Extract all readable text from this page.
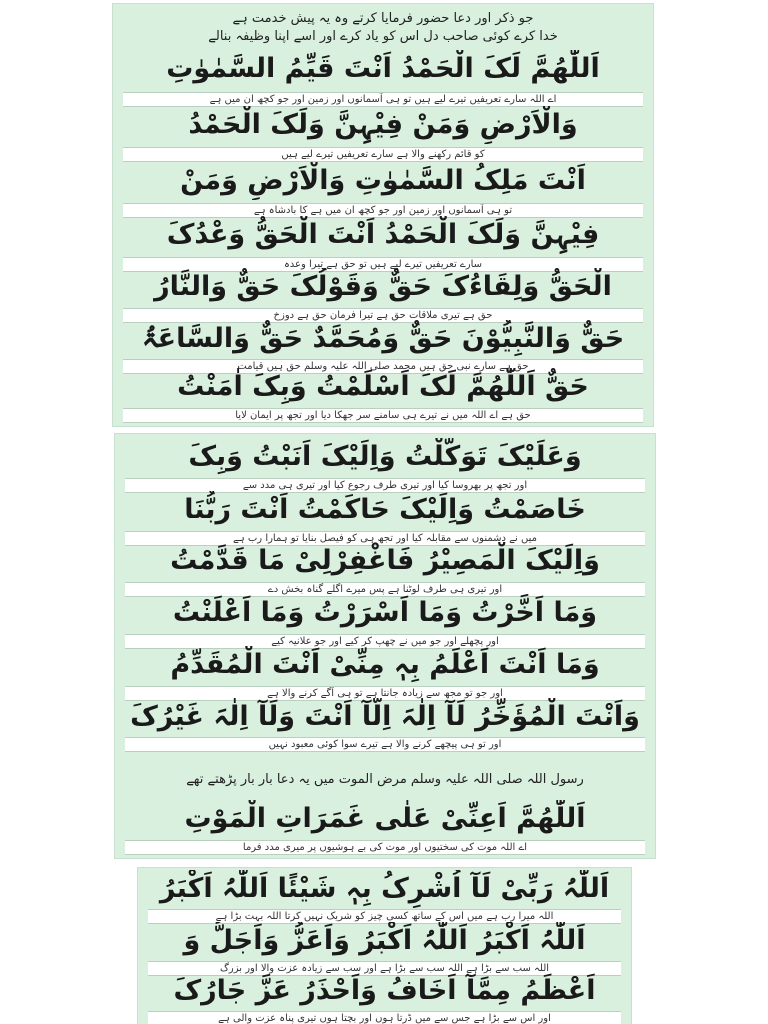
جو ذکر اور دعا حضور فرمایا کرتے وہ یہ پیش خدمت ہے
خدا کرے کوئی صاحب دل اس کو یاد کرے اور اسے اپنا وظیفہ بنالے
اَللّٰھُمَّ لَکَ الْحَمْدُ اَنْتَ قَیِّمُ السَّمٰوٰتِ
اے اللہ سارے تعریفیں تیرے لیے ہیں تو ہی آسمانوں اور زمین اور جو کچھ ان میں ہے
وَالْاَرْضِ وَمَنْ فِیْہِنَّ وَلَکَ الْحَمْدُ
کو قائم رکھنے والا ہے سارے تعریفیں تیرے لیے ہیں
اَنْتَ مَلِکُ السَّمٰوٰتِ وَالْاَرْضِ وَمَنْ
تو ہی آسمانوں اور زمین اور جو کچھ ان میں ہے کا بادشاہ ہے
فِیْہِنَّ وَلَکَ الْحَمْدُ اَنْتَ الْحَقُّ وَعْدُکَ
سارے تعریفیں تیرے لیے ہیں تو حق ہے تیرا وعدہ
الْحَقُّ وَلِقَاءُکَ حَقٌّ وَقَوْلُکَ حَقٌّ وَالنَّارُ
حق ہے تیری ملاقات حق ہے تیرا فرمان حق ہے دوزخ
حَقٌّ وَالنَّبِیُّوْنَ حَقٌّ وَمُحَمَّدٌ حَقٌّ وَالسَّاعَۃُ
حق ہے سارے نبی حق ہیں محمد صلی اللہ علیہ وسلم حق ہیں قیامت
حَقٌّ اَللّٰھُمَّ لَکَ اَسْلَمْتُ وَبِکَ اٰمَنْتُ
حق ہے اے اللہ میں نے تیرے ہی سامنے سر جھکا دیا اور تجھ پر ایمان لایا
وَعَلَیْکَ تَوَکَّلْتُ وَاِلَیْکَ اَنَبْتُ وَبِکَ
اور تجھ پر بھروسا کیا اور تیری طرف رجوع کیا اور تیری ہی مدد سے
خَاصَمْتُ وَاِلَیْکَ حَاکَمْتُ اَنْتَ رَبُّنَا
میں نے دشمنوں سے مقابلہ کیا اور تجھ ہی کو فیصل بنایا تو ہمارا رب ہے
وَاِلَیْکَ الْمَصِیْرُ فَاغْفِرْلِیْ مَا قَدَّمْتُ
اور تیری ہی طرف لوٹنا ہے پس میرے اگلے گناہ بخش دے
وَمَا اَخَّرْتُ وَمَا اَسْرَرْتُ وَمَا اَعْلَنْتُ
اور پچھلے اور جو میں نے چھپ کر کیے اور جو علانیہ کیے
وَمَا اَنْتَ اَعْلَمُ بِہٖ مِنِّیْ اَنْتَ الْمُقَدِّمُ
اور جو تو مجھ سے زیادہ جانتا ہے تو ہی آگے کرنے والا ہے
وَاَنْتَ الْمُؤَخِّرُ لَآ اِلٰہَ اِلَّآ اَنْتَ وَلَآ اِلٰہَ غَیْرُکَ
اور تو ہی پیچھے کرنے والا ہے تیرے سوا کوئی معبود نہیں
رسول اللہ صلی اللہ علیہ وسلم مرض الموت میں یہ دعا بار بار پڑھتے تھے
اَللّٰھُمَّ اَعِنِّیْ عَلٰی غَمَرَاتِ الْمَوْتِ
اے اللہ موت کی سختیوں اور موت کی بے ہوشیوں پر میری مدد فرما
اَللّٰہُ رَبِّیْ لَآ اُشْرِکُ بِہٖ شَیْئًا اَللّٰہُ اَکْبَرُ
اللہ میرا رب ہے میں اس کے ساتھ کسی چیز کو شریک نہیں کرتا اللہ بہت بڑا ہے
اَللّٰہُ اَکْبَرُ اَللّٰہُ اَکْبَرُ وَاَعَزُّ وَاَجَلُّ وَ
اللہ سب سے بڑا ہے اللہ سب سے بڑا ہے اور سب سے زیادہ عزت والا اور بزرگ
اَعْظَمُ مِمَّآ اَخَافُ وَاَحْذَرُ عَزَّ جَارُکَ
اور اس سے بڑا ہے جس سے میں ڈرتا ہوں اور بچتا ہوں تیری پناہ عزت والی ہے
